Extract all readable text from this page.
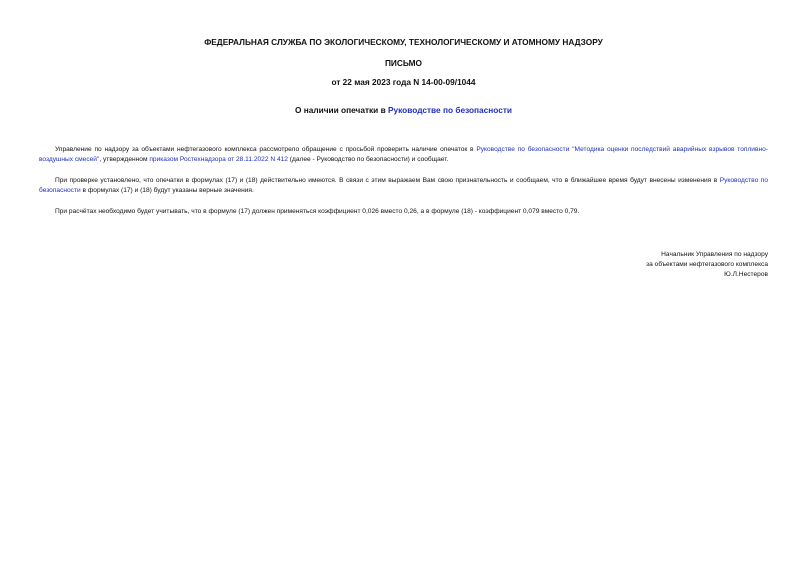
ФЕДЕРАЛЬНАЯ СЛУЖБА ПО ЭКОЛОГИЧЕСКОМУ, ТЕХНОЛОГИЧЕСКОМУ И АТОМНОМУ НАДЗОРУ
ПИСЬМО
от 22 мая 2023 года N 14-00-09/1044
О наличии опечатки в Руководстве по безопасности
Управление по надзору за объектами нефтегазового комплекса рассмотрело обращение с просьбой проверить наличие опечаток в Руководстве по безопасности "Методика оценки последствий аварийных взрывов топливно-воздушных смесей", утвержденном приказом Ростехнадзора от 28.11.2022 N 412 (далее - Руководство по безопасности) и сообщает.
При проверке установлено, что опечатки в формулах (17) и (18) действительно имеются. В связи с этим выражаем Вам свою признательность и сообщаем, что в ближайшее время будут внесены изменения в Руководство по безопасности в формулах (17) и (18) будут указаны верные значения.
При расчётах необходимо будет учитывать, что в формуле (17) должен применяться коэффициент 0,026 вместо 0,26, а в формуле (18) - коэффициент 0,079 вместо 0,79.
Начальник Управления по надзору
за объектами нефтегазового комплекса
Ю.Л.Нестеров
